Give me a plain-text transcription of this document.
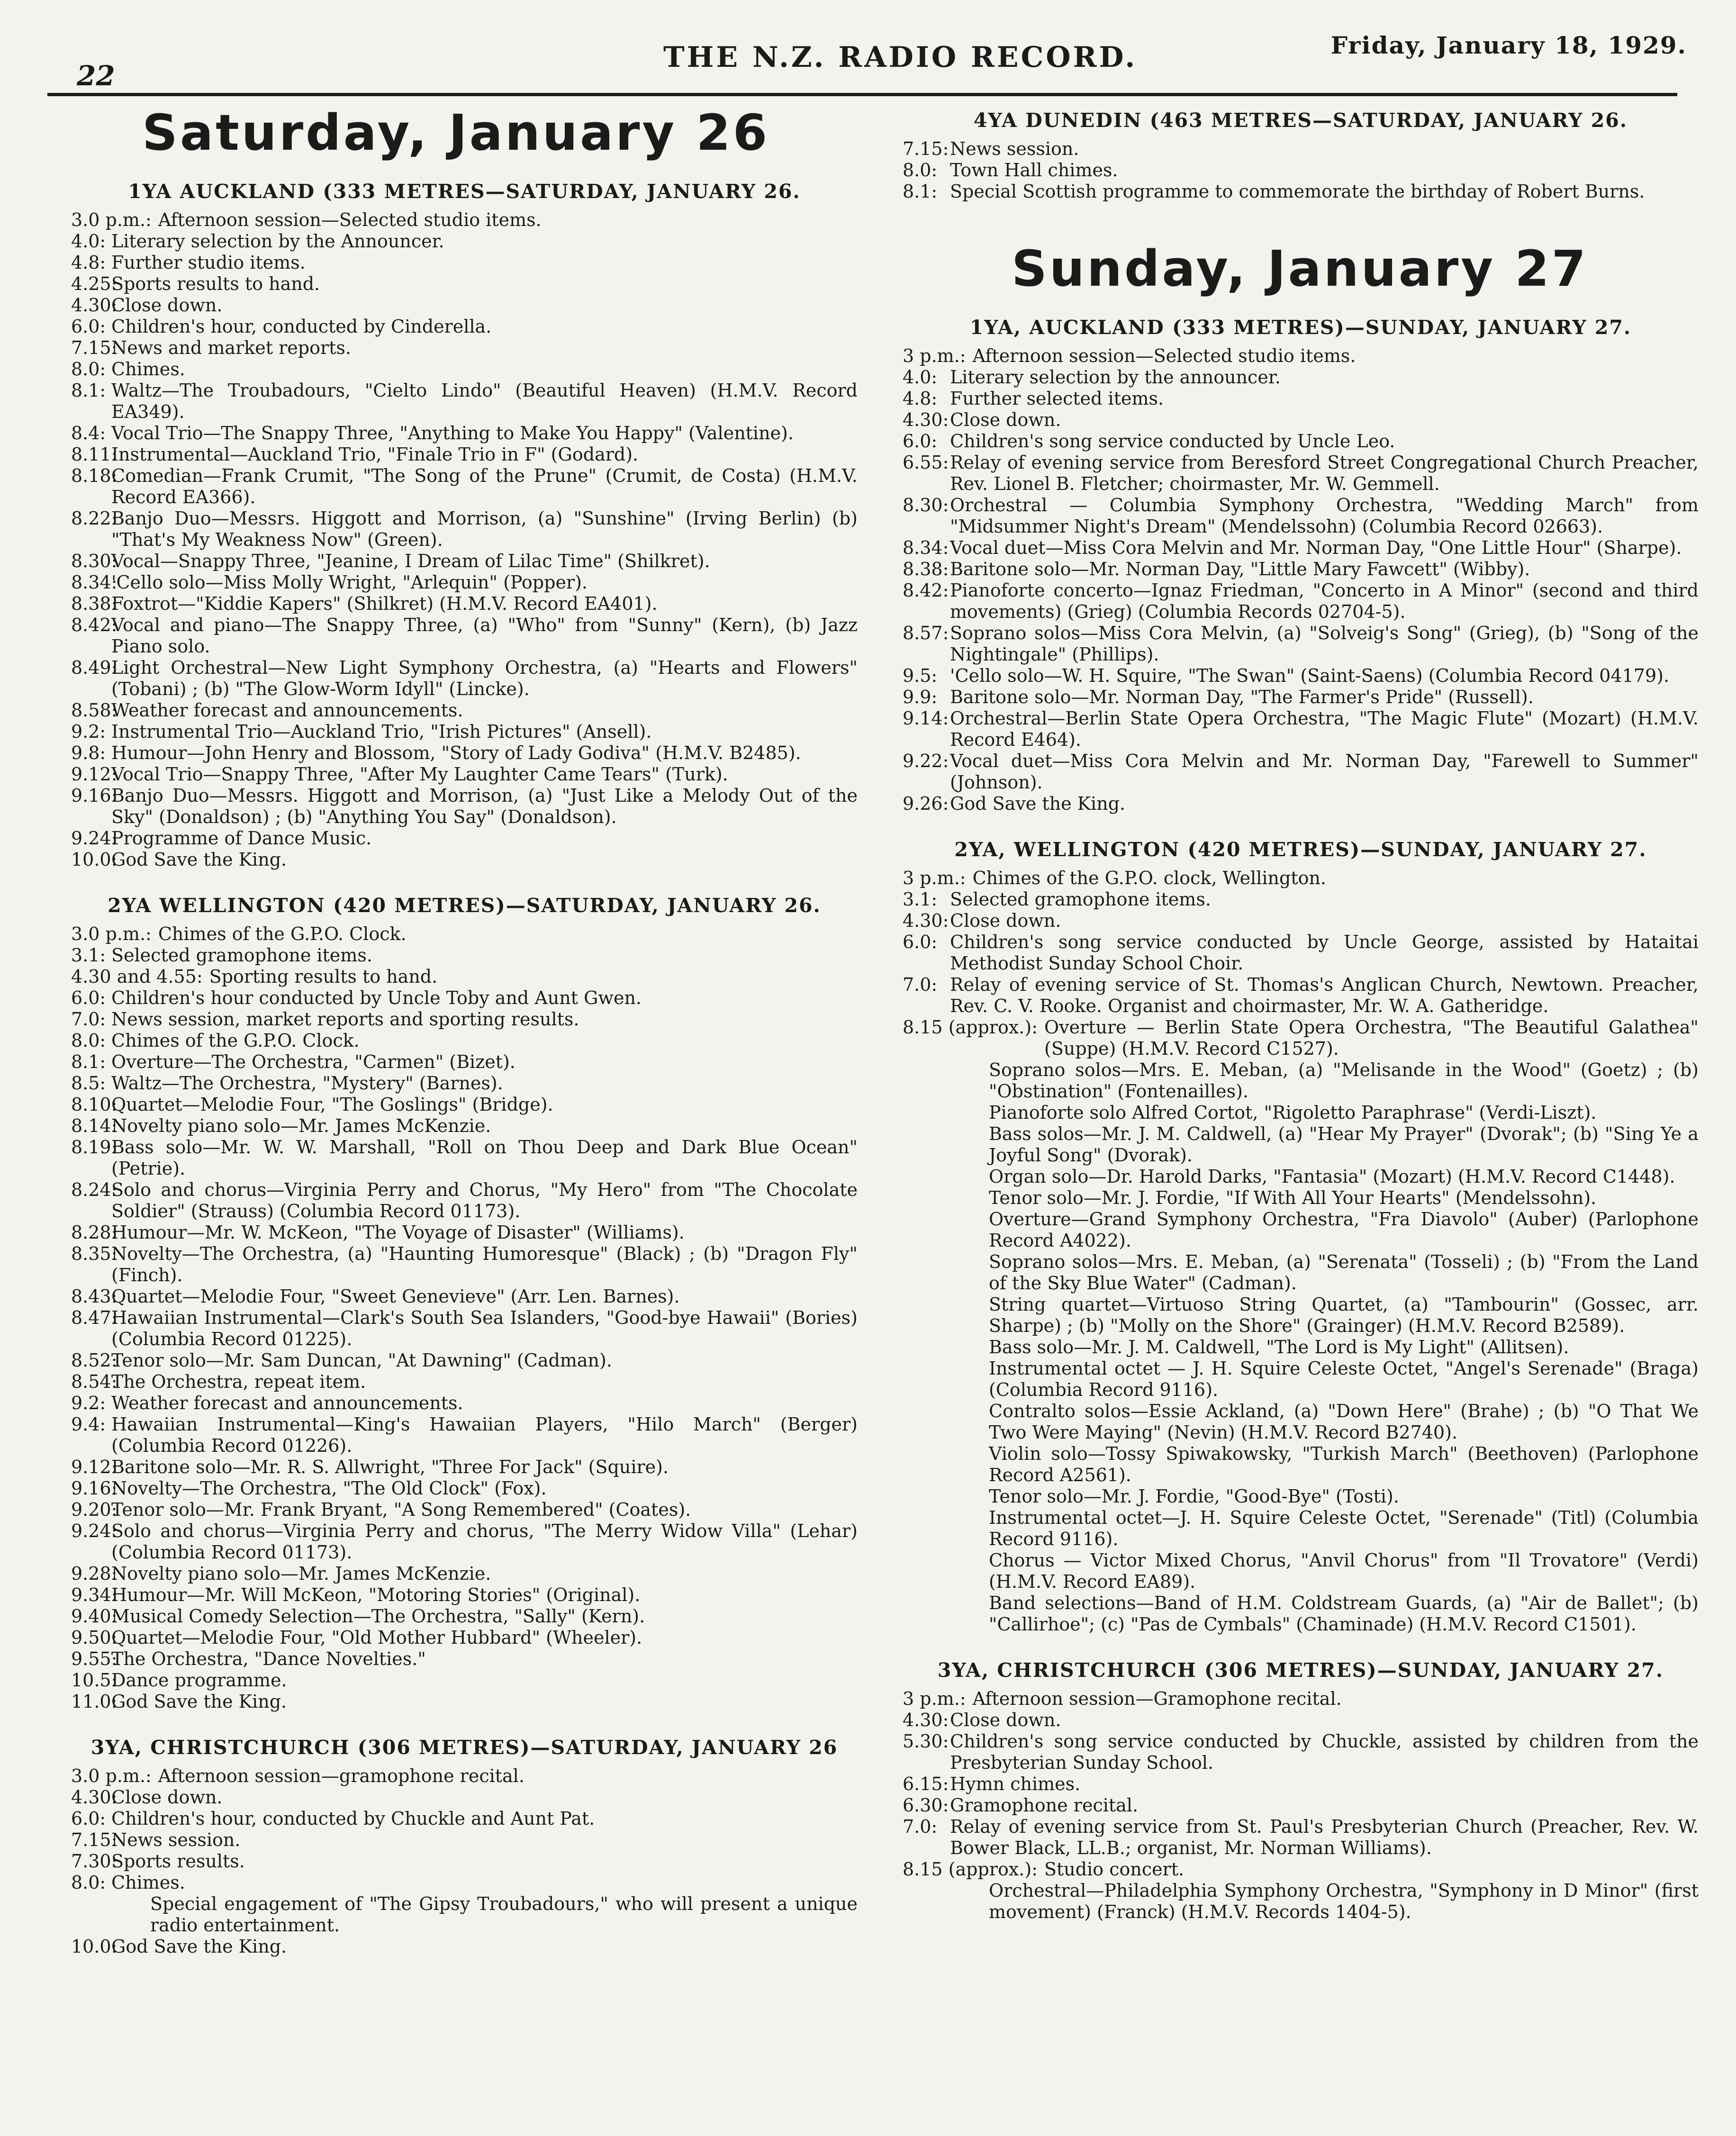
22
THE N.Z. RADIO RECORD.	Friday, January 18, 1929.
Saturday, January 26
1YA AUCKLAND (333 METRES—SATURDAY, JANUARY 26.
3.0 p.m.: Afternoon session—Selected studio items.
4.0: Literary selection by the Announcer.
4.8: Further studio items.
4.25:
Sports results to hand.
4.30:
Close down.
6.0: Children's hour, conducted by Cinderella.
7.15:
News and market reports.
8.0: Chimes.
8.1: Waltz—The Troubadours, "Cielto Lindo" (Beautiful Heaven) (H.M.V. Record EA349).
8.4: Vocal Trio—The Snappy Three, "Anything to Make You Happy" (Valentine).
8.11:
Instrumental—Auckland Trio, "Finale Trio in F" (Godard).
8.18:
Comedian—Frank Crumit, "The Song of the Prune" (Crumit, de Costa) (H.M.V. Record EA366).
8.22:
Banjo Duo—Messrs. Higgott and Morrison, (a) "Sunshine" (Irving Berlin) (b) "That's My Weakness Now" (Green).
8.30:
Vocal—Snappy Three, "Jeanine, I Dream of Lilac Time" (Shilkret).
8.34:
'Cello solo—Miss Molly Wright, "Arlequin" (Popper).
8.38:
Foxtrot—"Kiddie Kapers" (Shilkret) (H.M.V. Record EA401).
8.42:
Vocal and piano—The Snappy Three, (a) "Who" from "Sunny" (Kern), (b) Jazz Piano solo.
8.49:
Light Orchestral—New Light Symphony Orchestra, (a) "Hearts and Flowers" (Tobani) ; (b) "The Glow-Worm Idyll" (Lincke).
8.58:
Weather forecast and announcements.
9.2: Instrumental Trio—Auckland Trio, "Irish Pictures" (Ansell).
9.8: Humour—John Henry and Blossom, "Story of Lady Godiva" (H.M.V. B2485).
9.12:
Vocal Trio—Snappy Three, "After My Laughter Came Tears" (Turk).
9.16:
Banjo Duo—Messrs. Higgott and Morrison, (a) "Just Like a Melody Out of the Sky" (Donaldson) ; (b) "Anything You Say" (Donaldson).
9.24:
Programme of Dance Music.
10.0:
God Save the King.
2YA WELLINGTON (420 METRES)—SATURDAY, JANUARY 26.
3.0 p.m.: Chimes of the G.P.O. Clock.
3.1: Selected gramophone items.
4.30 and 4.55: Sporting results to hand.
6.0: Children's hour conducted by Uncle Toby and Aunt Gwen.
7.0: News session, market reports and sporting results.
8.0: Chimes of the G.P.O. Clock.
8.1: Overture—The Orchestra, "Carmen" (Bizet).
8.5: Waltz—The Orchestra, "Mystery" (Barnes).
8.10:
Quartet—Melodie Four, "The Goslings" (Bridge).
8.14:
Novelty piano solo—Mr. James McKenzie.
8.19:
Bass solo—Mr. W. W. Marshall, "Roll on Thou Deep and Dark Blue Ocean" (Petrie).
8.24:
Solo and chorus—Virginia Perry and Chorus, "My Hero" from "The Chocolate Soldier" (Strauss) (Columbia Record 01173).
8.28:
Humour—Mr. W. McKeon, "The Voyage of Disaster" (Williams).
8.35:
Novelty—The Orchestra, (a) "Haunting Humoresque" (Black) ; (b) "Dragon Fly" (Finch).
8.43:
Quartet—Melodie Four, "Sweet Genevieve" (Arr. Len. Barnes).
8.47:
Hawaiian Instrumental—Clark's South Sea Islanders, "Good-bye Hawaii" (Bories) (Columbia Record 01225).
8.52:
Tenor solo—Mr. Sam Duncan, "At Dawning" (Cadman).
8.54:
The Orchestra, repeat item.
9.2: Weather forecast and announcements.
9.4: Hawaiian Instrumental—King's Hawaiian Players, "Hilo March" (Berger) (Columbia Record 01226).
9.12:
Baritone solo—Mr. R. S. Allwright, "Three For Jack" (Squire).
9.16:
Novelty—The Orchestra, "The Old Clock" (Fox).
9.20:
Tenor solo—Mr. Frank Bryant, "A Song Remembered" (Coates).
9.24:
Solo and chorus—Virginia Perry and chorus, "The Merry Widow Villa" (Lehar) (Columbia Record 01173).
9.28:
Novelty piano solo—Mr. James McKenzie.
9.34:
Humour—Mr. Will McKeon, "Motoring Stories" (Original).
9.40:
Musical Comedy Selection—The Orchestra, "Sally" (Kern).
9.50:
Quartet—Melodie Four, "Old Mother Hubbard" (Wheeler).
9.55:
The Orchestra, "Dance Novelties."
10.5:
Dance programme.
11.0:
God Save the King.
3YA, CHRISTCHURCH (306 METRES)—SATURDAY, JANUARY 26
3.0 p.m.: Afternoon session—gramophone recital.
4.30:
Close down.
6.0: Children's hour, conducted by Chuckle and Aunt Pat.
7.15:
News session.
7.30:
Sports results.
8.0: Chimes.
Special engagement of "The Gipsy Troubadours," who will present a unique radio entertainment.
10.0:
God Save the King.
4YA DUNEDIN (463 METRES—SATURDAY, JANUARY 26.
7.15: News session.
8.0: Town Hall chimes.
8.1: Special Scottish programme to commemorate the birthday of Robert Burns.
Sunday, January 27
1YA, AUCKLAND (333 METRES)—SUNDAY, JANUARY 27.
3 p.m.: Afternoon session—Selected studio items.
4.0: Literary selection by the announcer.
4.8: Further selected items.
4.30: Close down.
6.0: Children's song service conducted by Uncle Leo.
6.55: Relay of evening service from Beresford Street Congregational Church Preacher, Rev. Lionel B. Fletcher; choirmaster, Mr. W. Gemmell.
8.30: Orchestral — Columbia Symphony Orchestra, "Wedding March" from "Midsummer Night's Dream" (Mendelssohn) (Columbia Record 02663).
8.34: Vocal duet—Miss Cora Melvin and Mr. Norman Day, "One Little Hour" (Sharpe).
8.38: Baritone solo—Mr. Norman Day, "Little Mary Fawcett" (Wibby).
8.42: Pianoforte concerto—Ignaz Friedman, "Concerto in A Minor" (second and third movements) (Grieg) (Columbia Records 02704-5).
8.57: Soprano solos—Miss Cora Melvin, (a) "Solveig's Song" (Grieg), (b) "Song of the Nightingale" (Phillips).
9.5: 'Cello solo—W. H. Squire, "The Swan" (Saint-Saens) (Columbia Record 04179).
9.9: Baritone solo—Mr. Norman Day, "The Farmer's Pride" (Russell).
9.14: Orchestral—Berlin State Opera Orchestra, "The Magic Flute" (Mozart) (H.M.V. Record E464).
9.22: Vocal duet—Miss Cora Melvin and Mr. Norman Day, "Farewell to Summer" (Johnson).
9.26: God Save the King.
2YA, WELLINGTON (420 METRES)—SUNDAY, JANUARY 27.
3 p.m.: Chimes of the G.P.O. clock, Wellington.
3.1: Selected gramophone items.
4.30: Close down.
6.0: Children's song service conducted by Uncle George, assisted by Hataitai Methodist Sunday School Choir.
7.0: Relay of evening service of St. Thomas's Anglican Church, Newtown. Preacher, Rev. C. V. Rooke. Organist and choirmaster, Mr. W. A. Gatheridge.
8.15 (approx.): Overture — Berlin State Opera Orchestra, "The Beautiful Galathea" (Suppe) (H.M.V. Record C1527).
Soprano solos—Mrs. E. Meban, (a) "Melisande in the Wood" (Goetz) ; (b) "Obstination" (Fontenailles).
Pianoforte solo Alfred Cortot, "Rigoletto Paraphrase" (Verdi-Liszt).
Bass solos—Mr. J. M. Caldwell, (a) "Hear My Prayer" (Dvorak"; (b) "Sing Ye a Joyful Song" (Dvorak).
Organ solo—Dr. Harold Darks, "Fantasia" (Mozart) (H.M.V. Record C1448).
Tenor solo—Mr. J. Fordie, "If With All Your Hearts" (Mendelssohn).
Overture—Grand Symphony Orchestra, "Fra Diavolo" (Auber) (Parlophone Record A4022).
Soprano solos—Mrs. E. Meban, (a) "Serenata" (Tosseli) ; (b) "From the Land of the Sky Blue Water" (Cadman).
String quartet—Virtuoso String Quartet, (a) "Tambourin" (Gossec, arr. Sharpe) ; (b) "Molly on the Shore" (Grainger) (H.M.V. Record B2589).
Bass solo—Mr. J. M. Caldwell, "The Lord is My Light" (Allitsen).
Instrumental octet — J. H. Squire Celeste Octet, "Angel's Serenade" (Braga) (Columbia Record 9116).
Contralto solos—Essie Ackland, (a) "Down Here" (Brahe) ; (b) "O That We Two Were Maying" (Nevin) (H.M.V. Record B2740).
Violin solo—Tossy Spiwakowsky, "Turkish March" (Beethoven) (Parlophone Record A2561).
Tenor solo—Mr. J. Fordie, "Good-Bye" (Tosti).
Instrumental octet—J. H. Squire Celeste Octet, "Serenade" (Titl) (Columbia Record 9116).
Chorus — Victor Mixed Chorus, "Anvil Chorus" from "Il Trovatore" (Verdi) (H.M.V. Record EA89).
Band selections—Band of H.M. Coldstream Guards, (a) "Air de Ballet"; (b) "Callirhoe"; (c) "Pas de Cymbals" (Chaminade) (H.M.V. Record C1501).
3YA, CHRISTCHURCH (306 METRES)—SUNDAY, JANUARY 27.
3 p.m.: Afternoon session—Gramophone recital.
4.30: Close down.
5.30: Children's song service conducted by Chuckle, assisted by children from the Presbyterian Sunday School.
6.15: Hymn chimes.
6.30: Gramophone recital.
7.0: Relay of evening service from St. Paul's Presbyterian Church (Preacher, Rev. W. Bower Black, LL.B.; organist, Mr. Norman Williams).
8.15 (approx.): Studio concert.
Orchestral—Philadelphia Symphony Orchestra, "Symphony in D Minor" (first movement) (Franck) (H.M.V. Records 1404-5).
